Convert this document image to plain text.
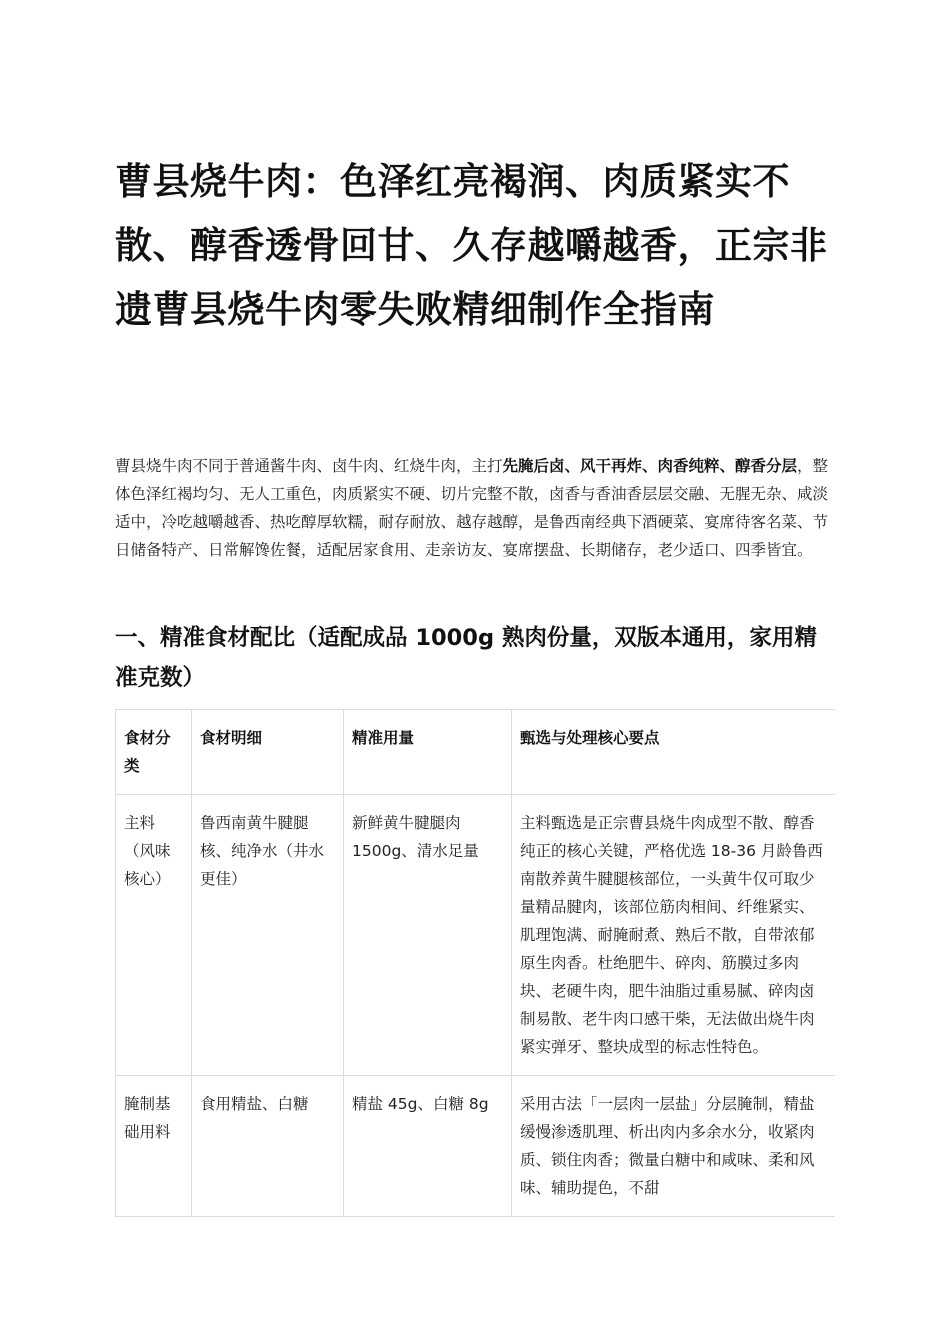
曹县烧牛肉：色泽红亮褐润、肉质紧实不散、醇香透骨回甘、久存越嚼越香，正宗非遗曹县烧牛肉零失败精细制作全指南

曹县烧牛肉不同于普通酱牛肉、卤牛肉、红烧牛肉，主打先腌后卤、风干再炸、肉香纯粹、醇香分层，整体色泽红褐均匀、无人工重色，肉质紧实不硬、切片完整不散，卤香与香油香层层交融、无腥无杂、咸淡适中，冷吃越嚼越香、热吃醇厚软糯，耐存耐放、越存越醇，是鲁西南经典下酒硬菜、宴席待客名菜、节日储备特产、日常解馋佐餐，适配居家食用、走亲访友、宴席摆盘、长期储存，老少适口、四季皆宜。

一、精准食材配比（适配成品 1000g 熟肉份量，双版本通用，家用精准克数）
食材分类	食材明细	精准用量	甄选与处理核心要点
主料（风味核心）	鲁西南黄牛腱腿核、纯净水（井水更佳）	新鲜黄牛腱腿肉 1500g、清水足量	主料甄选是正宗曹县烧牛肉成型不散、醇香纯正的核心关键，严格优选 18-36 月龄鲁西南散养黄牛腱腿核部位，一头黄牛仅可取少量精品腱肉，该部位筋肉相间、纤维紧实、肌理饱满、耐腌耐煮、熟后不散，自带浓郁原生肉香。杜绝肥牛、碎肉、筋膜过多肉块、老硬牛肉，肥牛油脂过重易腻、碎肉卤制易散、老牛肉口感干柴，无法做出烧牛肉紧实弹牙、整块成型的标志性特色。
腌制基础用料	食用精盐、白糖	精盐 45g、白糖 8g	采用古法「一层肉一层盐」分层腌制，精盐缓慢渗透肌理、析出肉内多余水分，收紧肉质、锁住肉香；微量白糖中和咸味、柔和风味、辅助提色，不甜
